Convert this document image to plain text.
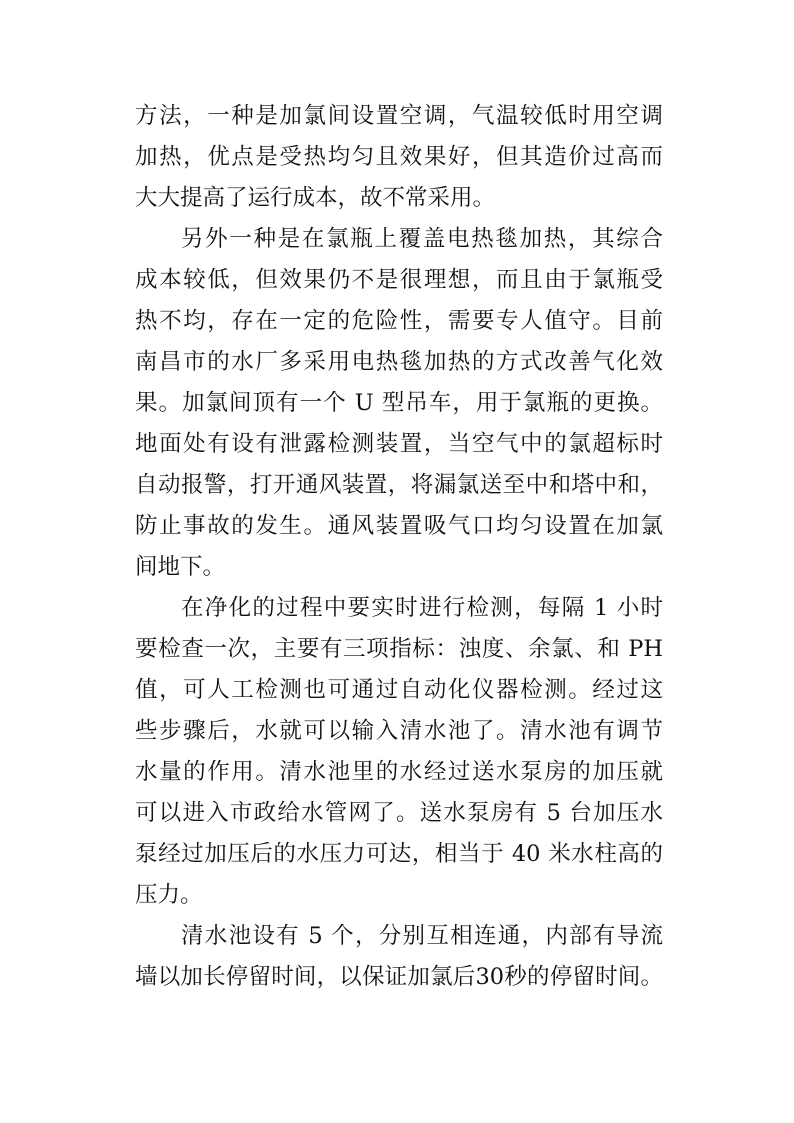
方法，一种是加氯间设置空调，气温较低时用空调
加热，优点是受热均匀且效果好，但其造价过高而
大大提高了运行成本，故不常采用。
另外一种是在氯瓶上覆盖电热毯加热，其综合
成本较低，但效果仍不是很理想，而且由于氯瓶受
热不均，存在一定的危险性，需要专人值守。目前
南昌市的水厂多采用电热毯加热的方式改善气化效
果。加氯间顶有一个 U 型吊车，用于氯瓶的更换。
地面处有设有泄露检测装置，当空气中的氯超标时
自动报警，打开通风装置，将漏氯送至中和塔中和，
防止事故的发生。通风装置吸气口均匀设置在加氯
间地下。
在净化的过程中要实时进行检测，每隔 1 小时
要检查一次，主要有三项指标：浊度、余氯、和 PH
值，可人工检测也可通过自动化仪器检测。经过这
些步骤后，水就可以输入清水池了。清水池有调节
水量的作用。清水池里的水经过送水泵房的加压就
可以进入市政给水管网了。送水泵房有 5 台加压水
泵经过加压后的水压力可达，相当于 40 米水柱高的
压力。
清水池设有 5 个，分别互相连通，内部有导流
墙以加长停留时间，以保证加氯后30秒的停留时间。
